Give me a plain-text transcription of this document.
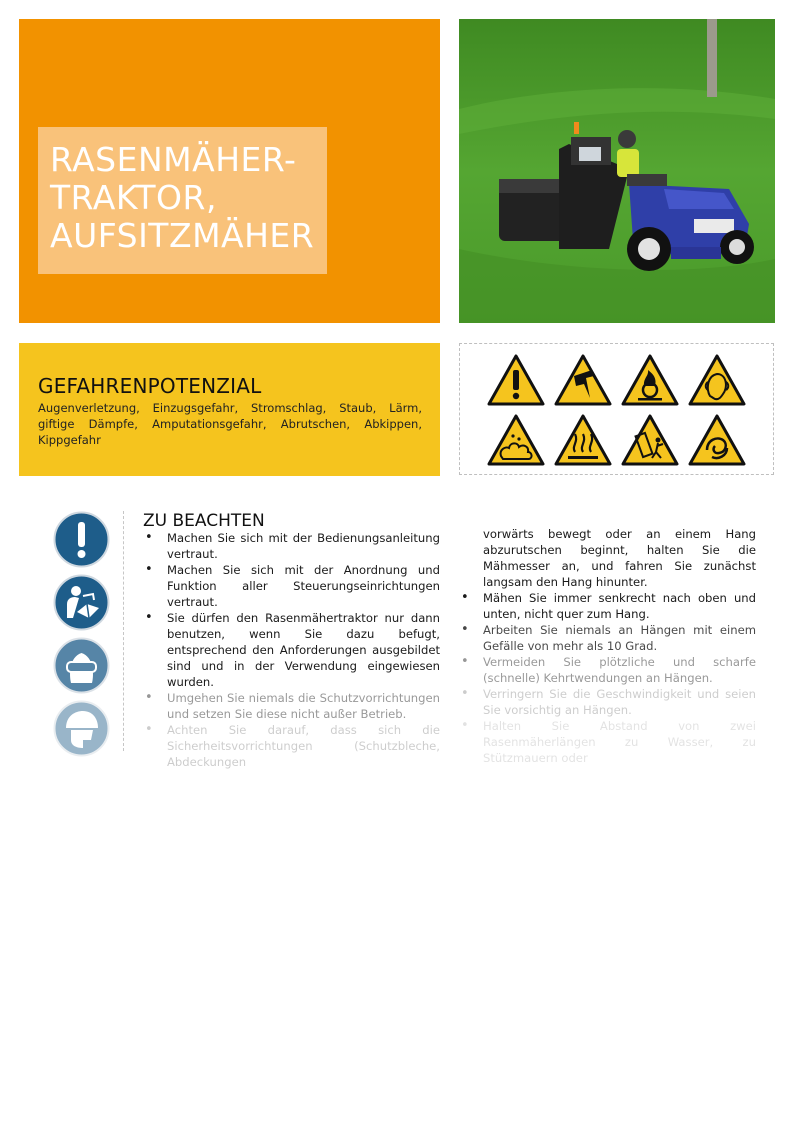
RASENMÄHER-
TRAKTOR,
AUFSITZMÄHER
GEFAHRENPOTENZIAL
Augenverletzung, Einzugsgefahr, Stromschlag, Staub, Lärm, giftige Dämpfe, Amputationsgefahr, Abrutschen, Abkippen, Kippgefahr
ZU BEACHTEN
• Machen Sie sich mit der Bedienungsanleitung vertraut.
• Machen Sie sich mit der Anordnung und Funktion aller Steuerungseinrichtungen vertraut.
• Sie dürfen den Rasenmähertraktor nur dann benutzen, wenn Sie dazu befugt, entsprechend den Anforderungen ausgebildet sind und in der Verwendung eingewiesen wurden.
• Umgehen Sie niemals die Schutzvorrichtungen und setzen Sie diese nicht außer Betrieb.
• Achten Sie darauf, dass sich die Sicherheitsvorrichtungen (Schutzbleche, Abdeckungen

vorwärts bewegt oder an einem Hang abzurutschen beginnt, halten Sie die Mähmesser an, und fahren Sie zunächst langsam den Hang hinunter.

• Mähen Sie immer senkrecht nach oben und unten, nicht quer zum Hang.
• Arbeiten Sie niemals an Hängen mit einem Gefälle von mehr als 10 Grad.
• Vermeiden Sie plötzliche und scharfe (schnelle) Kehrtwendungen an Hängen.
• Verringern Sie die Geschwindigkeit und seien Sie vorsichtig an Hängen.
• Halten Sie Abstand von zwei Rasenmäherlängen zu Wasser, zu Stützmauern oder
